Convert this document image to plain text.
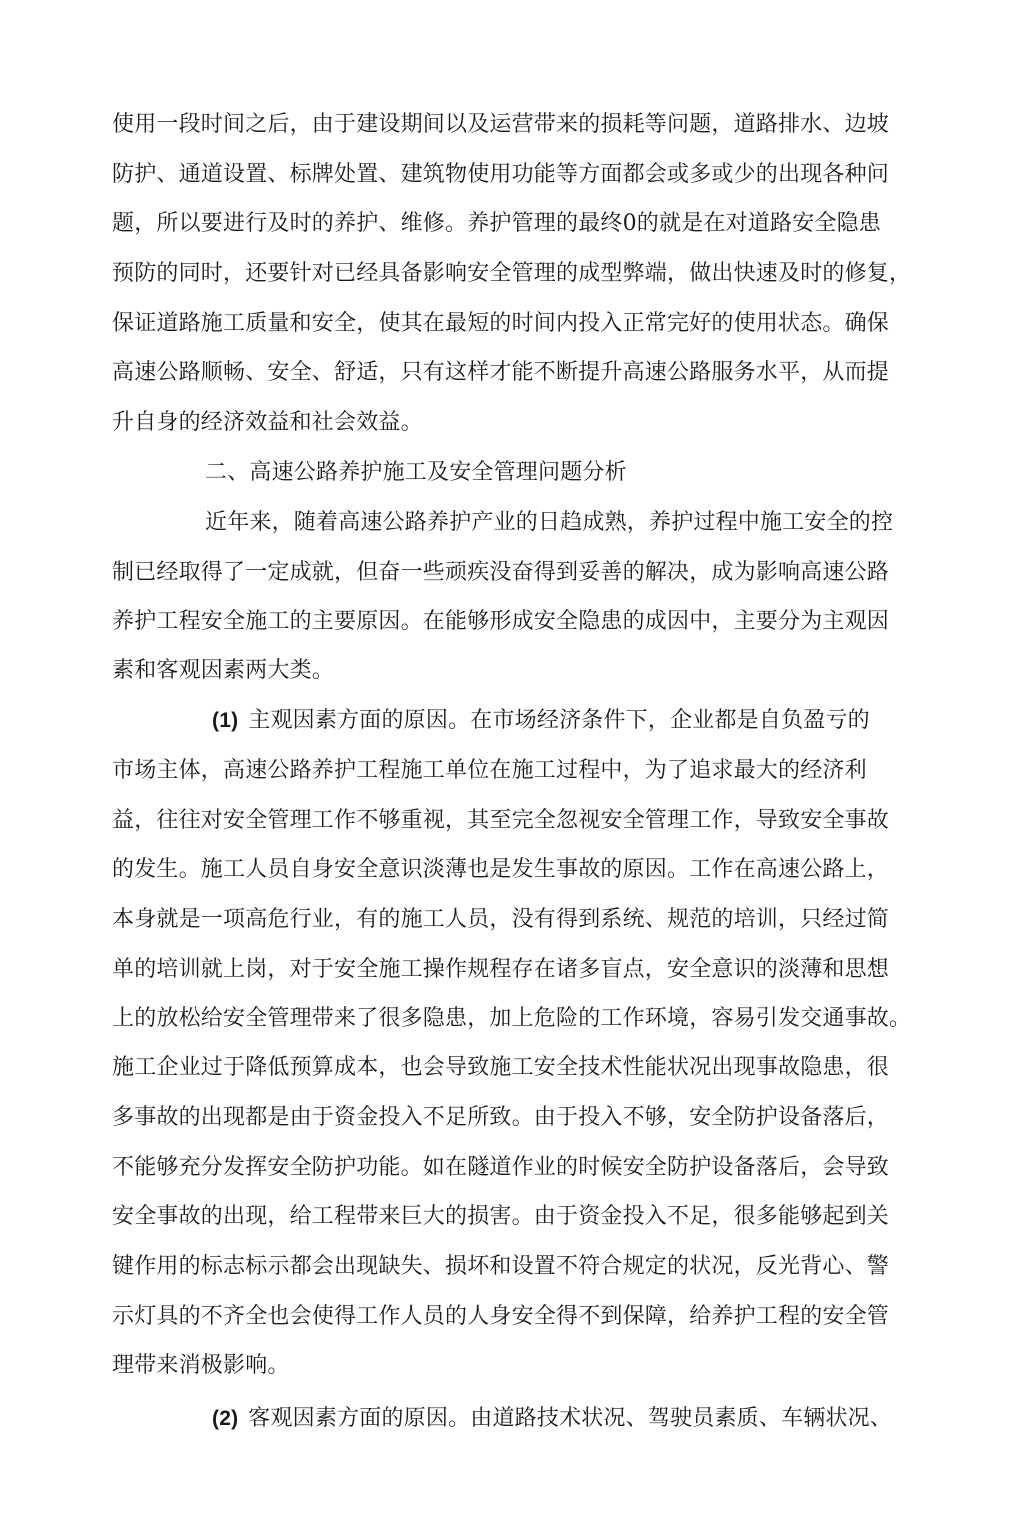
使用一段时间之后，由于建设期间以及运营带来的损耗等问题，道路排水、边坡
防护、通道设置、标牌处置、建筑物使用功能等方面都会或多或少的出现各种问
题，所以要进行及时的养护、维修。养护管理的最终0的就是在对道路安全隐患
预防的同时，还要针对已经具备影响安全管理的成型弊端，做出快速及时的修复，
保证道路施工质量和安全，使其在最短的时间内投入正常完好的使用状态。确保
高速公路顺畅、安全、舒适，只有这样才能不断提升高速公路服务水平，从而提
升自身的经济效益和社会效益。
二、高速公路养护施工及安全管理问题分析
近年来，随着高速公路养护产业的日趋成熟，养护过程中施工安全的控
制已经取得了一定成就，但奋一些顽疾没奋得到妥善的解决，成为影响高速公路
养护工程安全施工的主要原因。在能够形成安全隐患的成因中，主要分为主观因
素和客观因素两大类。
(1) 主观因素方面的原因。在市场经济条件下，企业都是自负盈亏的
市场主体，高速公路养护工程施工单位在施工过程中，为了追求最大的经济利
益，往往对安全管理工作不够重视，其至完全忽视安全管理工作，导致安全事故
的发生。施工人员自身安全意识淡薄也是发生事故的原因。工作在高速公路上，
本身就是一项高危行业，有的施工人员，没有得到系统、规范的培训，只经过简
单的培训就上岗，对于安全施工操作规程存在诸多盲点，安全意识的淡薄和思想
上的放松给安全管理带来了很多隐患，加上危险的工作环境，容易引发交通事故。
施工企业过于降低预算成本，也会导致施工安全技术性能状况出现事故隐患，很
多事故的出现都是由于资金投入不足所致。由于投入不够，安全防护设备落后，
不能够充分发挥安全防护功能。如在隧道作业的时候安全防护设备落后，会导致
安全事故的出现，给工程带来巨大的损害。由于资金投入不足，很多能够起到关
键作用的标志标示都会出现缺失、损坏和设置不符合规定的状况，反光背心、警
示灯具的不齐全也会使得工作人员的人身安全得不到保障，给养护工程的安全管
理带来消极影响。
(2) 客观因素方面的原因。由道路技术状况、驾驶员素质、车辆状况、
